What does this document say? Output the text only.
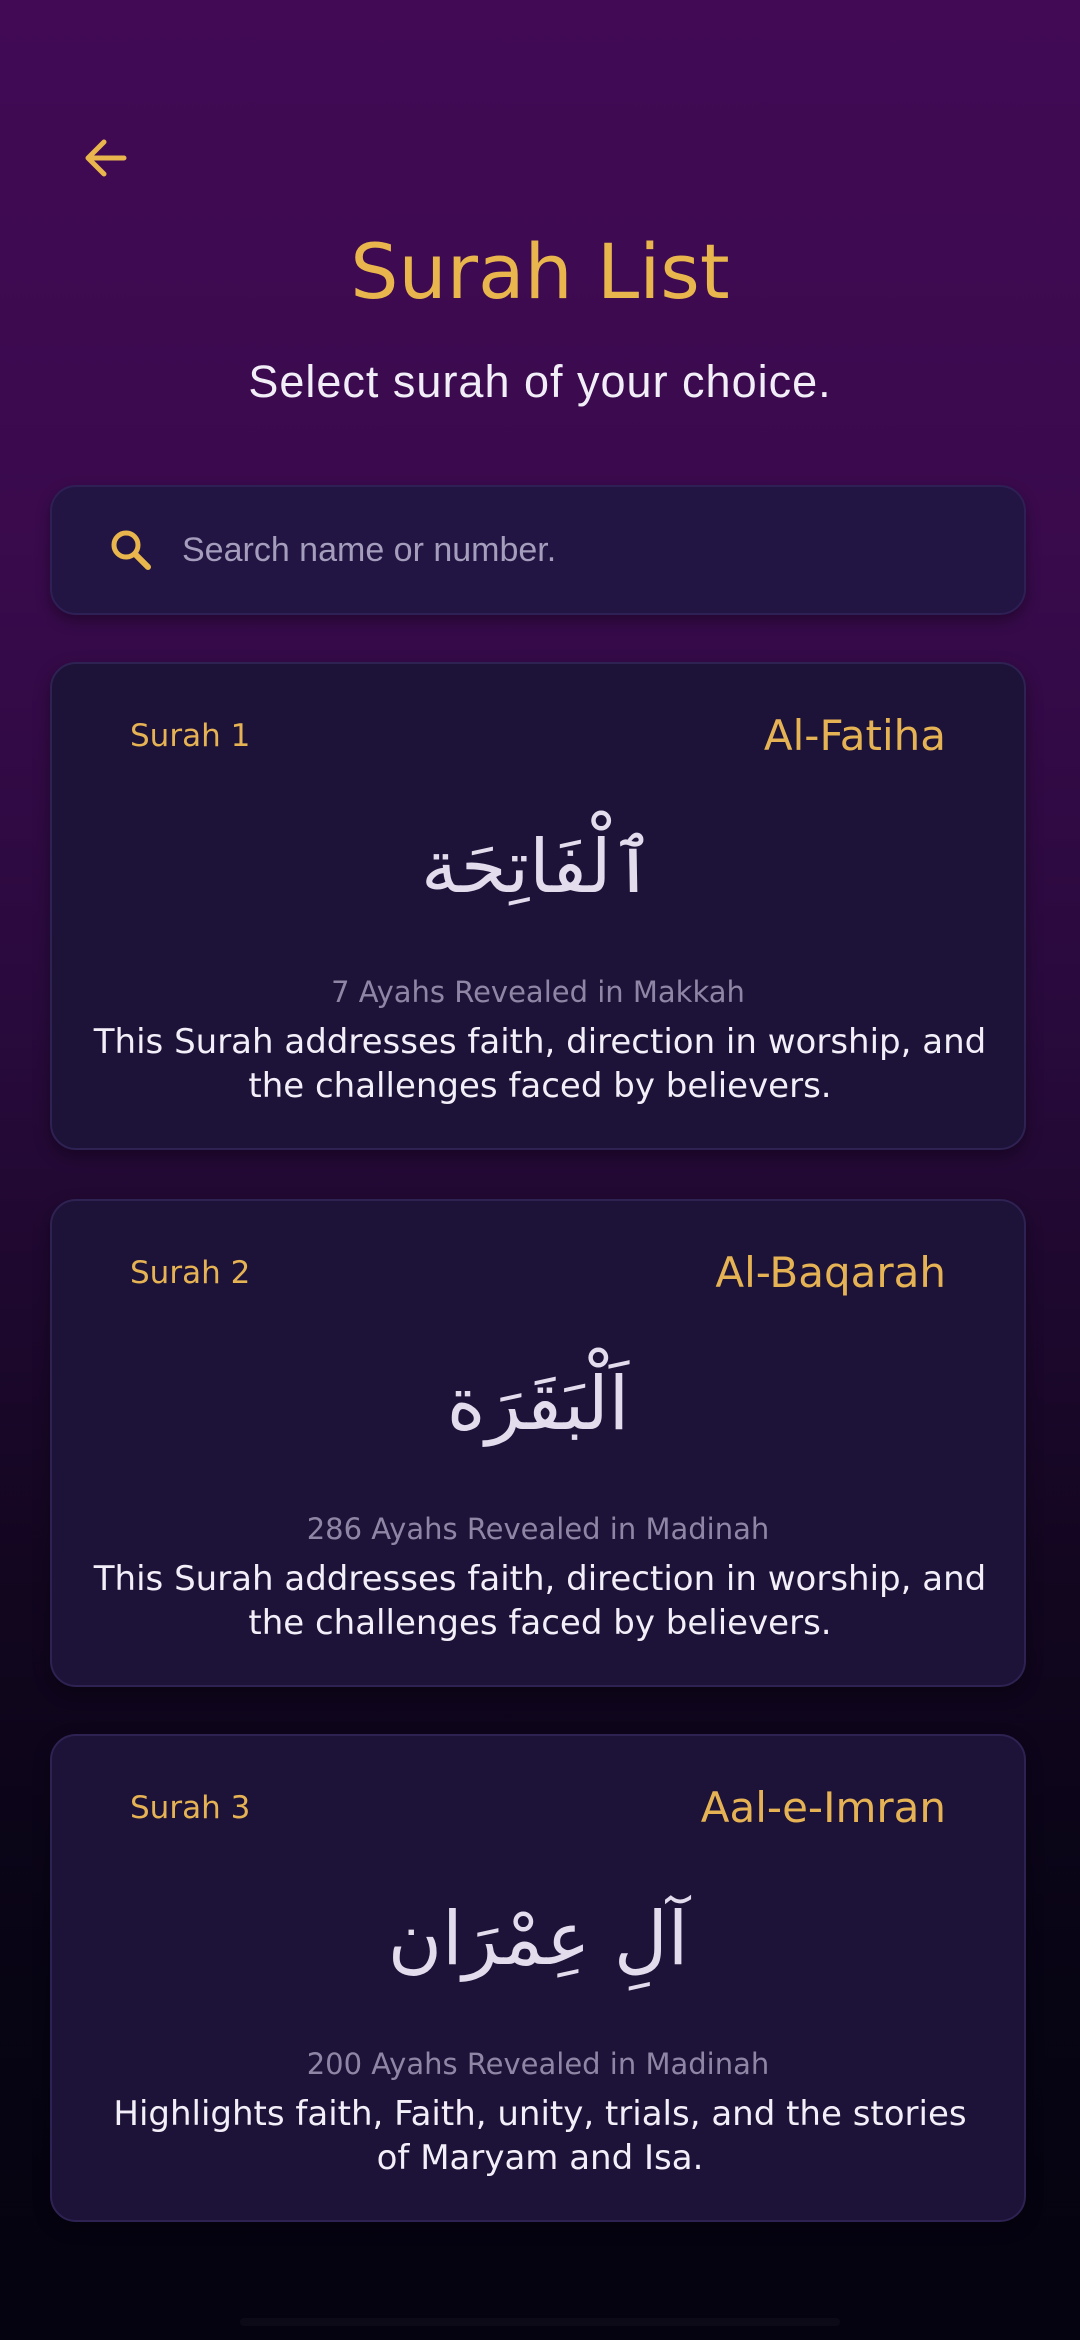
Surah List
Select surah of your choice.
Search name or number.
Surah 1	Al-Fatiha
ٱلْفَاتِحَة
7 Ayahs Revealed in Makkah
This Surah addresses faith, direction in worship, and the challenges faced by believers.
Surah 2	Al-Baqarah
اَلْبَقَرَة
286 Ayahs Revealed in Madinah
This Surah addresses faith, direction in worship, and the challenges faced by believers.
Surah 3	Aal-e-Imran
آلِ عِمْرَان
200 Ayahs Revealed in Madinah
Highlights faith, Faith, unity, trials, and the stories of Maryam and Isa.
